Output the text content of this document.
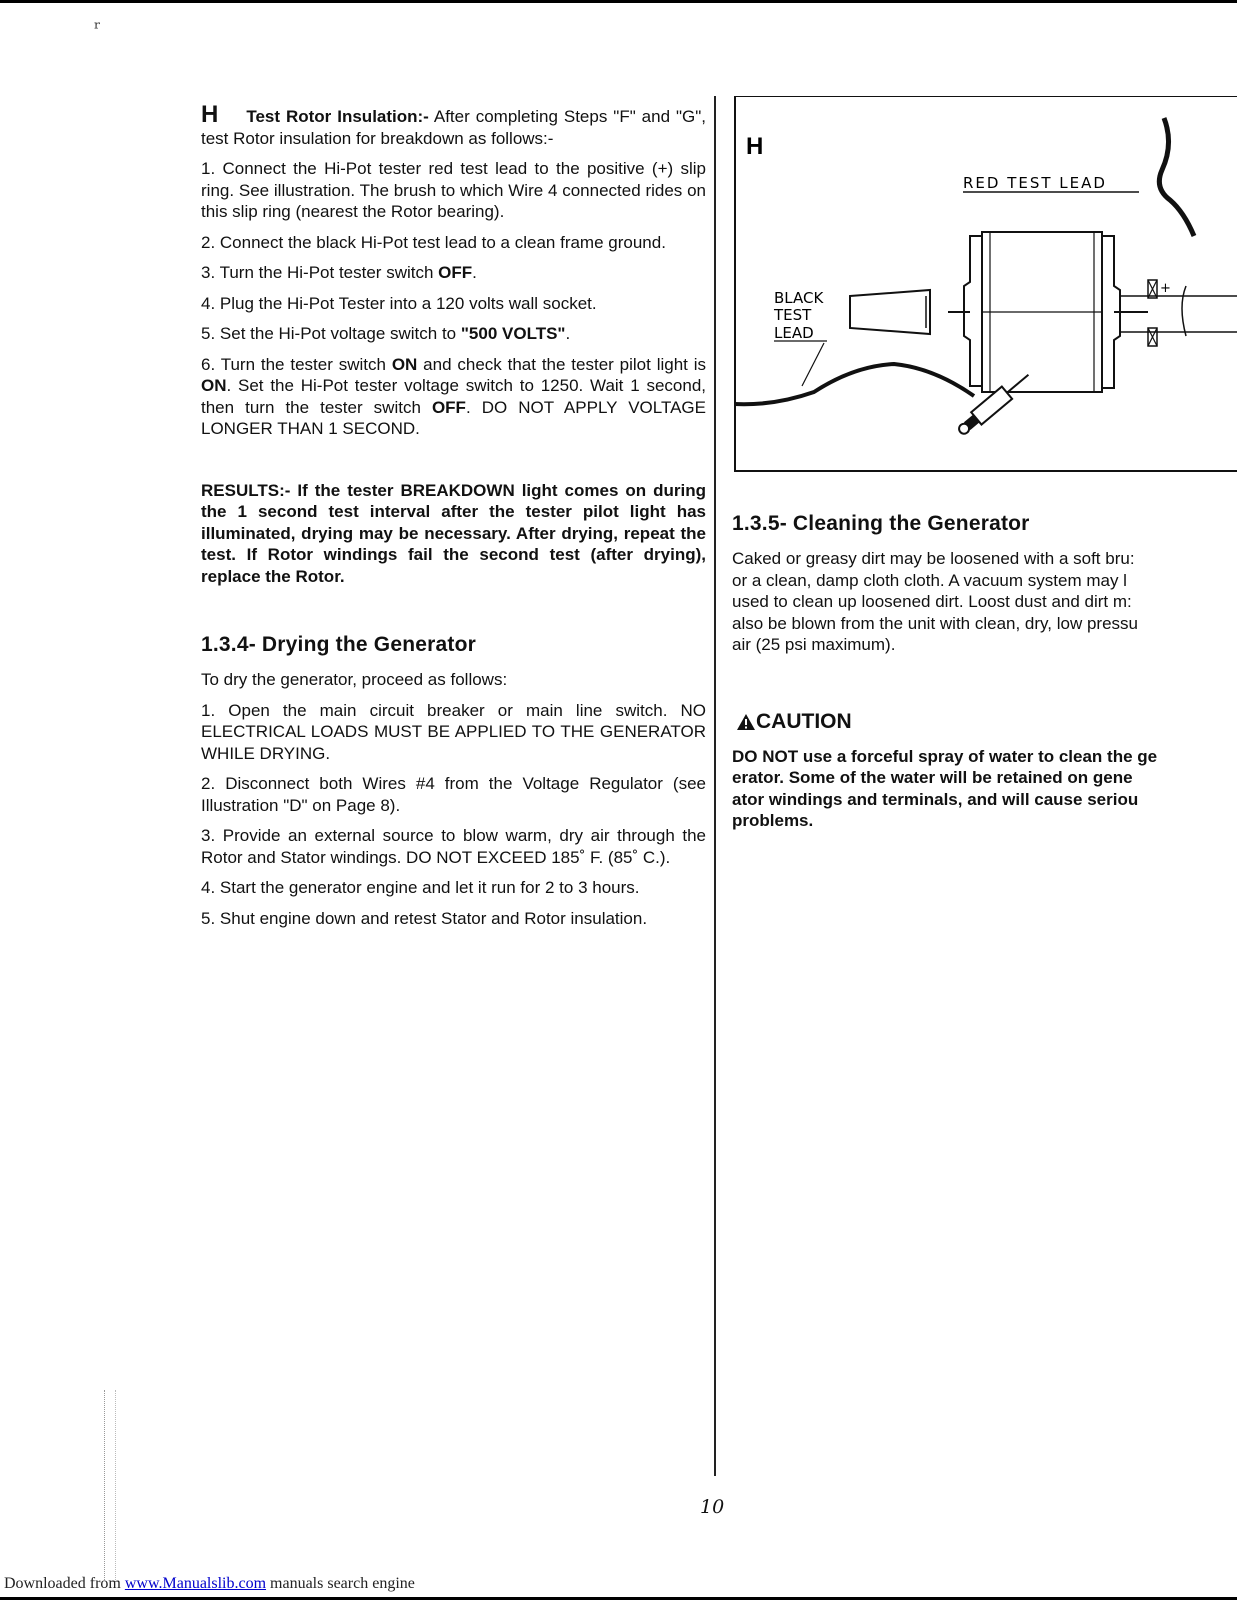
ʳ

H Test Rotor Insulation:- After completing Steps "F" and "G", test Rotor insulation for breakdown as follows:-

1. Connect the Hi-Pot tester red test lead to the positive (+) slip ring. See illustration. The brush to which Wire 4 connected rides on this slip ring (nearest the Rotor bearing).

2. Connect the black Hi-Pot test lead to a clean frame ground.

3. Turn the Hi-Pot tester switch OFF.

4. Plug the Hi-Pot Tester into a 120 volts wall socket.

5. Set the Hi-Pot voltage switch to "500 VOLTS".

6. Turn the tester switch ON and check that the tester pilot light is ON. Set the Hi-Pot tester voltage switch to 1250. Wait 1 second, then turn the tester switch OFF. DO NOT APPLY VOLTAGE LONGER THAN 1 SECOND.

RESULTS:- If the tester BREAKDOWN light comes on during the 1 second test interval after the tester pilot light has illuminated, drying may be necessary. After drying, repeat the test. If Rotor windings fail the second test (after drying), replace the Rotor.

1.3.4- Drying the Generator

To dry the generator, proceed as follows:

1. Open the main circuit breaker or main line switch. NO ELECTRICAL LOADS MUST BE APPLIED TO THE GENERATOR WHILE DRYING.

2. Disconnect both Wires #4 from the Voltage Regulator (see Illustration "D" on Page 8).

3. Provide an external source to blow warm, dry air through the Rotor and Stator windings. DO NOT EXCEED 185˚ F. (85˚ C.).

4. Start the generator engine and let it run for 2 to 3 hours.

5. Shut engine down and retest Stator and Rotor insulation.

H
RED TEST LEAD
BLACK
TEST
LEAD
+
1.3.5- Cleaning the Generator

Caked or greasy dirt may be loosened with a soft bru:

or a clean, damp cloth cloth. A vacuum system may l

used to clean up loosened dirt. Loost dust and dirt m:

also be blown from the unit with clean, dry, low pressu

air (25 psi maximum).

CAUTION
DO NOT use a forceful spray of water to clean the ge
erator. Some of the water will be retained on gene
ator windings and terminals, and will cause seriou
problems.
10
Downloaded from www.Manualslib.com manuals search engine
